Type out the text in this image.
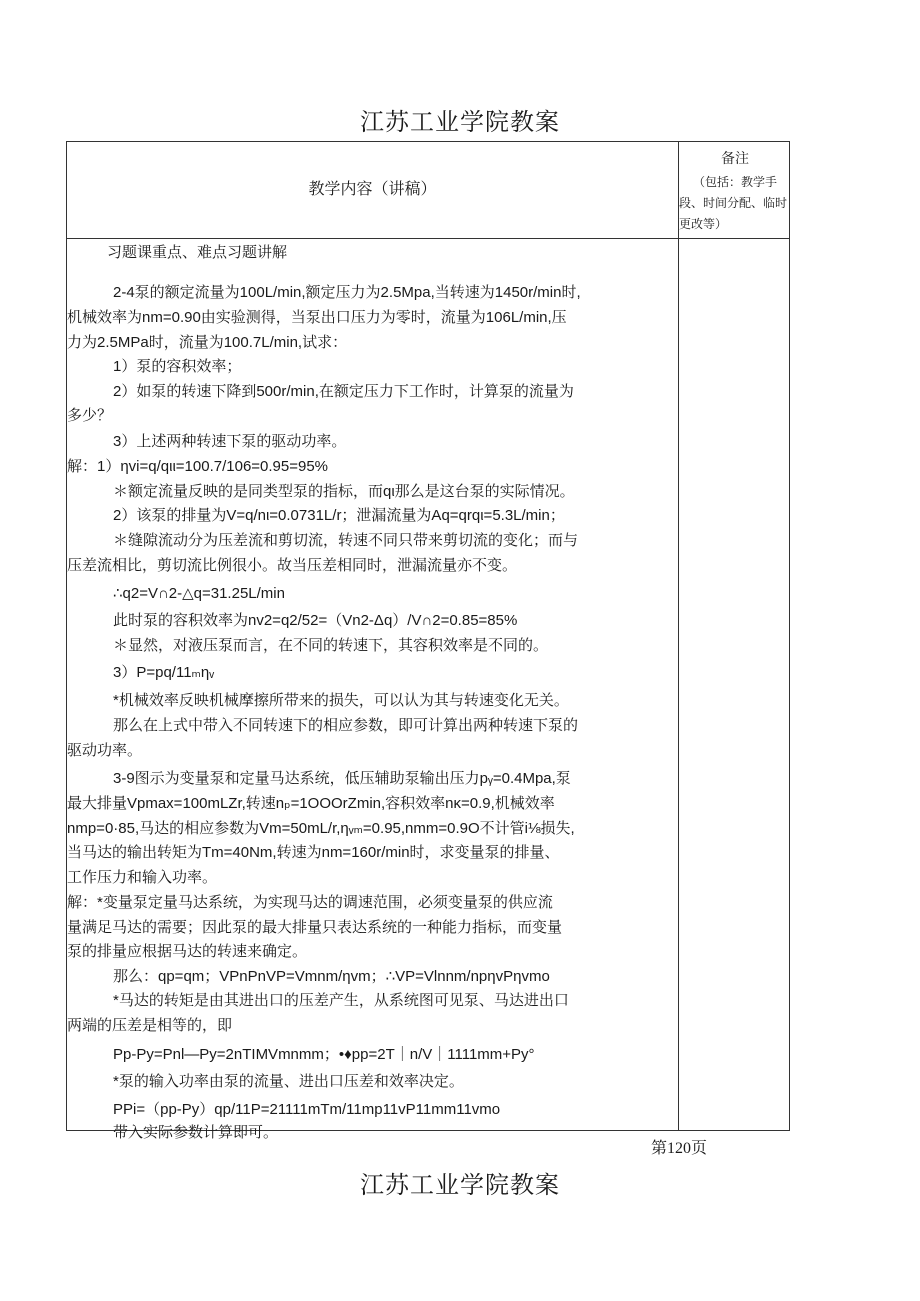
江苏工业学院教案
教学内容（讲稿）
备注
（包括：教学手段、时间分配、临时更改等）
习题课重点、难点习题讲解
2-4泵的额定流量为100L/min,额定压力为2.5Mpa,当转速为1450r/min时,
机械效率为nm=0.90由实验测得，当泵出口压力为零时，流量为106L/min,压
力为2.5MPa时，流量为100.7L/min,试求：
1）泵的容积效率；
2）如泵的转速下降到500r/min,在额定压力下工作时，计算泵的流量为
多少？
3）上述两种转速下泵的驱动功率。
解：1）ηvi=q/qιι=100.7/106=0.95=95%
＊额定流量反映的是同类型泵的指标，而qι那么是这台泵的实际情况。
2）该泵的排量为V=q/nι=0.0731L/r；泄漏流量为Aq=qrqι=5.3L/min；
＊缝隙流动分为压差流和剪切流，转速不同只带来剪切流的变化；而与
压差流相比，剪切流比例很小。故当压差相同时，泄漏流量亦不变。
∴q2=V∩2-△q=31.25L/min
此时泵的容积效率为nv2=q2/52=（Vn2-Δq）/V∩2=0.85=85%
＊显然，对液压泵而言，在不同的转速下，其容积效率是不同的。
3）P=pq/11ₘηᵥ
*机械效率反映机械摩擦所带来的损失，可以认为其与转速变化无关。
那么在上式中带入不同转速下的相应参数，即可计算出两种转速下泵的
驱动功率。
3-9图示为变量泵和定量马达系统，低压辅助泵输出压力pᵧ=0.4Mpa,泵
最大排量Vpmax=100mLZr,转速nₚ=1OOOrZmin,容积效率nκ=0.9,机械效率
nmp=0·85,马达的相应参数为Vm=50mL/r,ηᵥₘ=0.95,nmm=0.9O不计管i⅛损失,
当马达的输出转矩为Tm=40Nm,转速为nm=160r/min时，求变量泵的排量、
工作压力和输入功率。
解：*变量泵定量马达系统，为实现马达的调速范围，必须变量泵的供应流
量满足马达的需要；因此泵的最大排量只表达系统的一种能力指标，而变量
泵的排量应根据马达的转速来确定。
那么：qp=qm；VPnPnVP=Vmnm/ηvm；∴VP=Vlnnm/npηvPηvmo
*马达的转矩是由其进出口的压差产生，从系统图可见泵、马达进出口
两端的压差是相等的，即
Pp-Py=Pnl—Py=2nTIMVmnmm；•♦pp=2T｜n/V｜1111mm+Py°
*泵的输入功率由泵的流量、进出口压差和效率决定。
PPi=（pp-Py）qp/11P=21111mTm/11mp11vP11mm11vmo
带入实际参数计算即可。
第120页
江苏工业学院教案
